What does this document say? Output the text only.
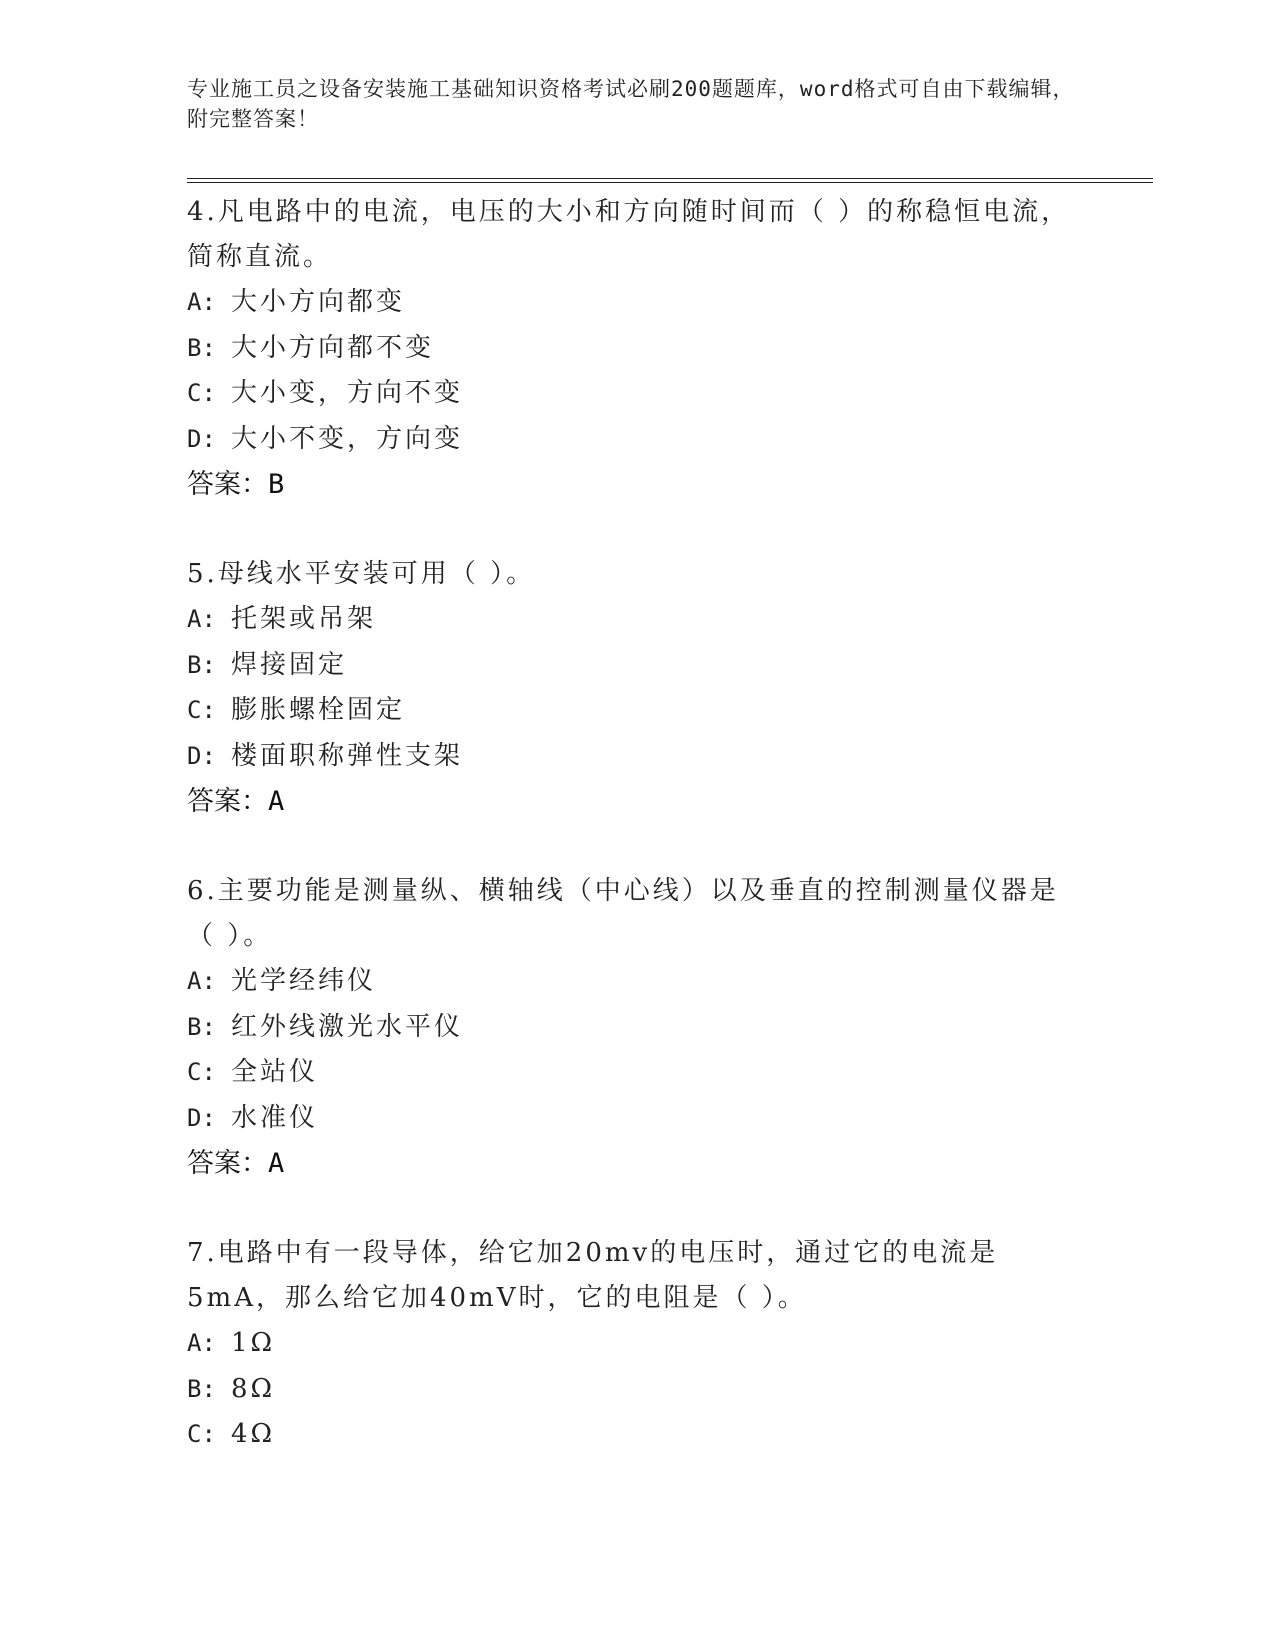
专业施工员之设备安装施工基础知识资格考试必刷200题题库，word格式可自由下载编辑，附完整答案！

4.凡电路中的电流，电压的大小和方向随时间而（ ）的称稳恒电流，简称直流。

A: 大小方向都变

B: 大小方向都不变

C: 大小变，方向不变

D: 大小不变，方向变

答案：B

5.母线水平安装可用（ ）。

A: 托架或吊架

B: 焊接固定

C: 膨胀螺栓固定

D: 楼面职称弹性支架

答案：A

6.主要功能是测量纵、横轴线（中心线）以及垂直的控制测量仪器是（ ）。

A: 光学经纬仪

B: 红外线激光水平仪

C: 全站仪

D: 水准仪

答案：A

7.电路中有一段导体，给它加20mv的电压时，通过它的电流是5mA，那么给它加40mV时，它的电阻是（ ）。

A: 1Ω

B: 8Ω

C: 4Ω
